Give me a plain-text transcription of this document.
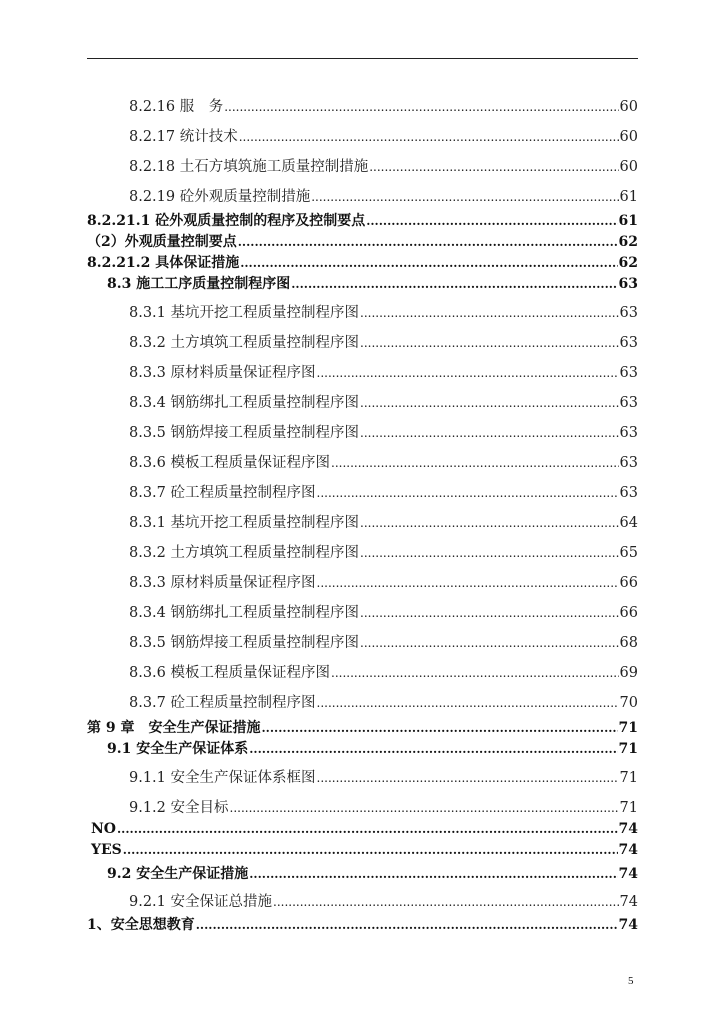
8.2.16 服　务 .....	60
8.2.17 统计技术 .....	60
8.2.18 土石方填筑施工质量控制措施 .....	60
8.2.19 砼外观质量控制措施 .....	61
8.2.21.1 砼外观质量控制的程序及控制要点 .....	61
（2）外观质量控制要点 .....	62
8.2.21.2 具体保证措施 .....	62
8.3 施工工序质量控制程序图 .....	63
8.3.1 基坑开挖工程质量控制程序图 .....	63
8.3.2 土方填筑工程质量控制程序图 .....	63
8.3.3 原材料质量保证程序图 .....	63
8.3.4 钢筋绑扎工程质量控制程序图 .....	63
8.3.5 钢筋焊接工程质量控制程序图 .....	63
8.3.6 模板工程质量保证程序图 .....	63
8.3.7 砼工程质量控制程序图 .....	63
8.3.1 基坑开挖工程质量控制程序图 .....	64
8.3.2 土方填筑工程质量控制程序图 .....	65
8.3.3 原材料质量保证程序图 .....	66
8.3.4 钢筋绑扎工程质量控制程序图 .....	66
8.3.5 钢筋焊接工程质量控制程序图 .....	68
8.3.6 模板工程质量保证程序图 .....	69
8.3.7 砼工程质量控制程序图 .....	70
第 9 章　安全生产保证措施 .....	71
9.1 安全生产保证体系 .....	71
9.1.1 安全生产保证体系框图 .....	71
9.1.2 安全目标 .....	71
NO .....	74
YES .....	74
9.2 安全生产保证措施 .....	74
9.2.1 安全保证总措施 .....	74
1、安全思想教育 .....	74
5
